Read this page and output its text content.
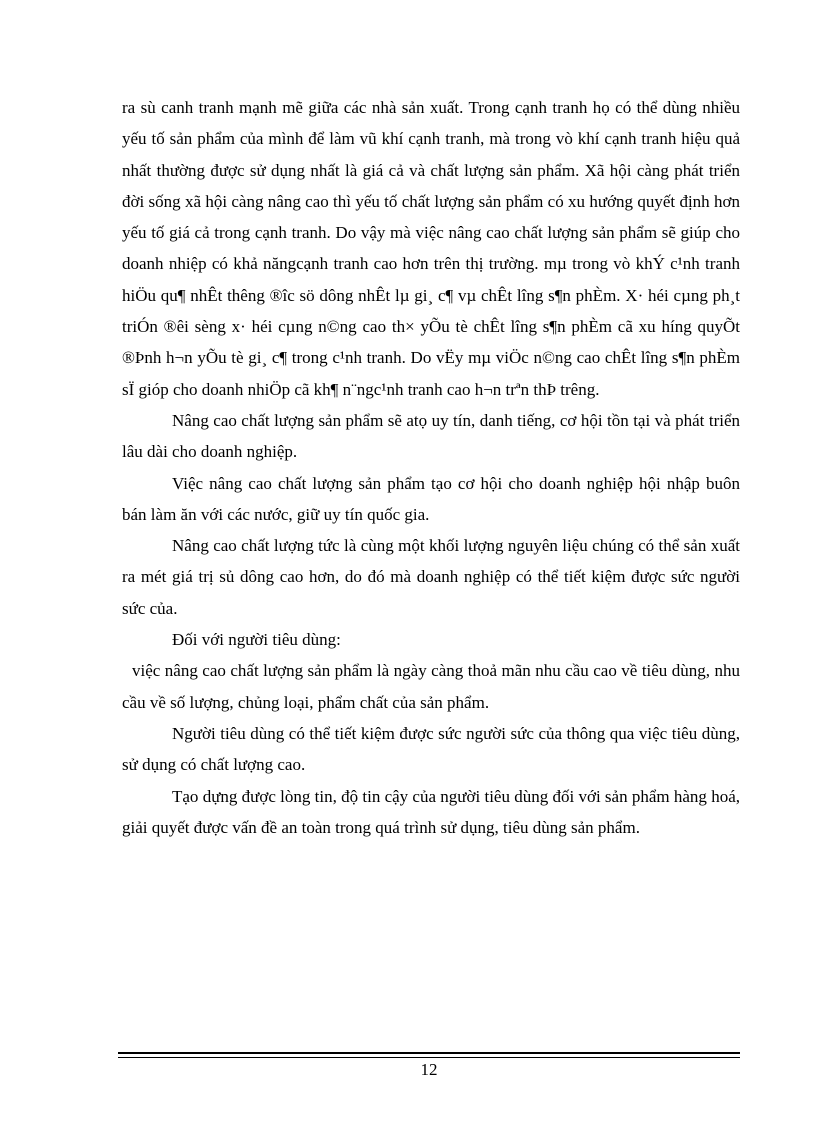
ra sù canh tranh mạnh mẽ giữa các nhà sản xuất. Trong cạnh tranh họ có thể dùng nhiều yếu tố sản phẩm của mình để làm vũ khí cạnh tranh, mà trong vò khí cạnh tranh hiệu quả nhất thường được sử dụng nhất là giá cả và chất lượng sản phẩm. Xã hội càng phát triển đời sống xã hội càng nâng cao thì yếu tố chất lượng sản phẩm có xu hướng quyết định hơn yếu tố giá cả trong cạnh tranh. Do vậy mà việc nâng cao chất lượng sản phẩm sẽ giúp cho doanh nhiệp có khả năngcạnh tranh cao hơn trên thị trường. mµ trong vò khÝ c¹nh tranh hiÖu qu¶ nhÊt thêng ®îc sö dông nhÊt lµ gi¸ c¶ vµ chÊt lîng s¶n phÈm. X· héi cµng ph¸t triÓn ®êi sèng x· héi cµng n©ng cao th× yÕu tè chÊt lîng s¶n phÈm cã xu híng quyÕt ®Þnh h¬n yÕu tè gi¸ c¶ trong c¹nh tranh. Do vËy mµ viÖc n©ng cao chÊt lîng s¶n phÈm sÏ gióp cho doanh nhiÖp cã kh¶ n¨ngc¹nh tranh cao h¬n trªn thÞ trêng.

Nâng cao chất lượng sản phẩm sẽ atọ uy tín, danh tiếng, cơ hội tồn tại và phát triển lâu dài cho doanh nghiệp.

Việc nâng cao chất lượng sản phẩm tạo cơ hội cho doanh nghiệp hội nhập buôn bán làm ăn với các nước, giữ uy tín quốc gia.

Nâng cao chất lượng tức là cùng một khối lượng nguyên liệu chúng có thể sản xuất ra mét giá trị sủ dông cao hơn, do đó mà doanh nghiệp có thể tiết kiệm được sức người sức của.

Đối với người tiêu dùng:

việc nâng cao chất lượng sản phẩm là ngày càng thoả mãn nhu cầu cao về tiêu dùng, nhu cầu về số lượng, chủng loại, phẩm chất của sản phẩm.

Người tiêu dùng có thể tiết kiệm được sức người sức của thông qua việc tiêu dùng, sử dụng có chất lượng cao.

Tạo dựng được lòng tin, độ tin cậy của người tiêu dùng đối với sản phẩm hàng hoá, giải quyết được vấn đề an toàn trong quá trình sử dụng, tiêu dùng sản phẩm.

12
